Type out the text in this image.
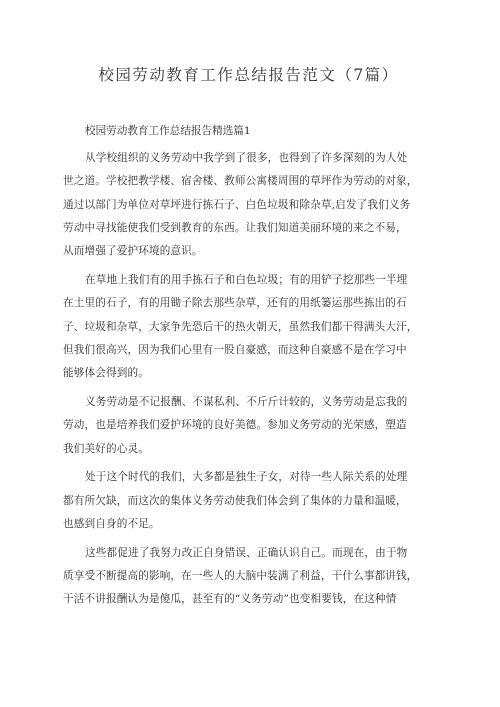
校园劳动教育工作总结报告范文（7篇）
校园劳动教育工作总结报告精选篇1
从学校组织的义务劳动中我学到了很多，也得到了许多深刻的为人处
世之道。学校把教学楼、宿舍楼、教师公寓楼周围的草坪作为劳动的对象，
通过以部门为单位对草坪进行拣石子、白色垃圾和除杂草,启发了我们义务
劳动中寻找能使我们受到教育的东西。让我们知道美丽环境的来之不易，
从而增强了爱护环境的意识。
在草地上我们有的用手拣石子和白色垃圾；有的用铲子挖那些一半埋
在土里的石子，有的用锄子除去那些杂草，还有的用纸篓运那些拣出的石
子、垃圾和杂草，大家争先恐后干的热火朝天，虽然我们都干得满头大汗，
但我们很高兴，因为我们心里有一股自豪感，而这种自豪感不是在学习中
能够体会得到的。
义务劳动是不记报酬、不谋私利、不斤斤计较的，义务劳动是忘我的
劳动，也是培养我们爱护环境的良好美德。参加义务劳动的光荣感，塑造
我们美好的心灵。
处于这个时代的我们，大多都是独生子女，对待一些人际关系的处理
都有所欠缺，而这次的集体义务劳动使我们体会到了集体的力量和温暖，
也感到自身的不足。
这些都促进了我努力改正自身错误、正确认识自己。而现在，由于物
质享受不断提高的影响，在一些人的大脑中装满了利益，干什么事都讲钱，
干活不讲报酬认为是傻瓜，甚至有的“义务劳动”也变相要钱，在这种情
